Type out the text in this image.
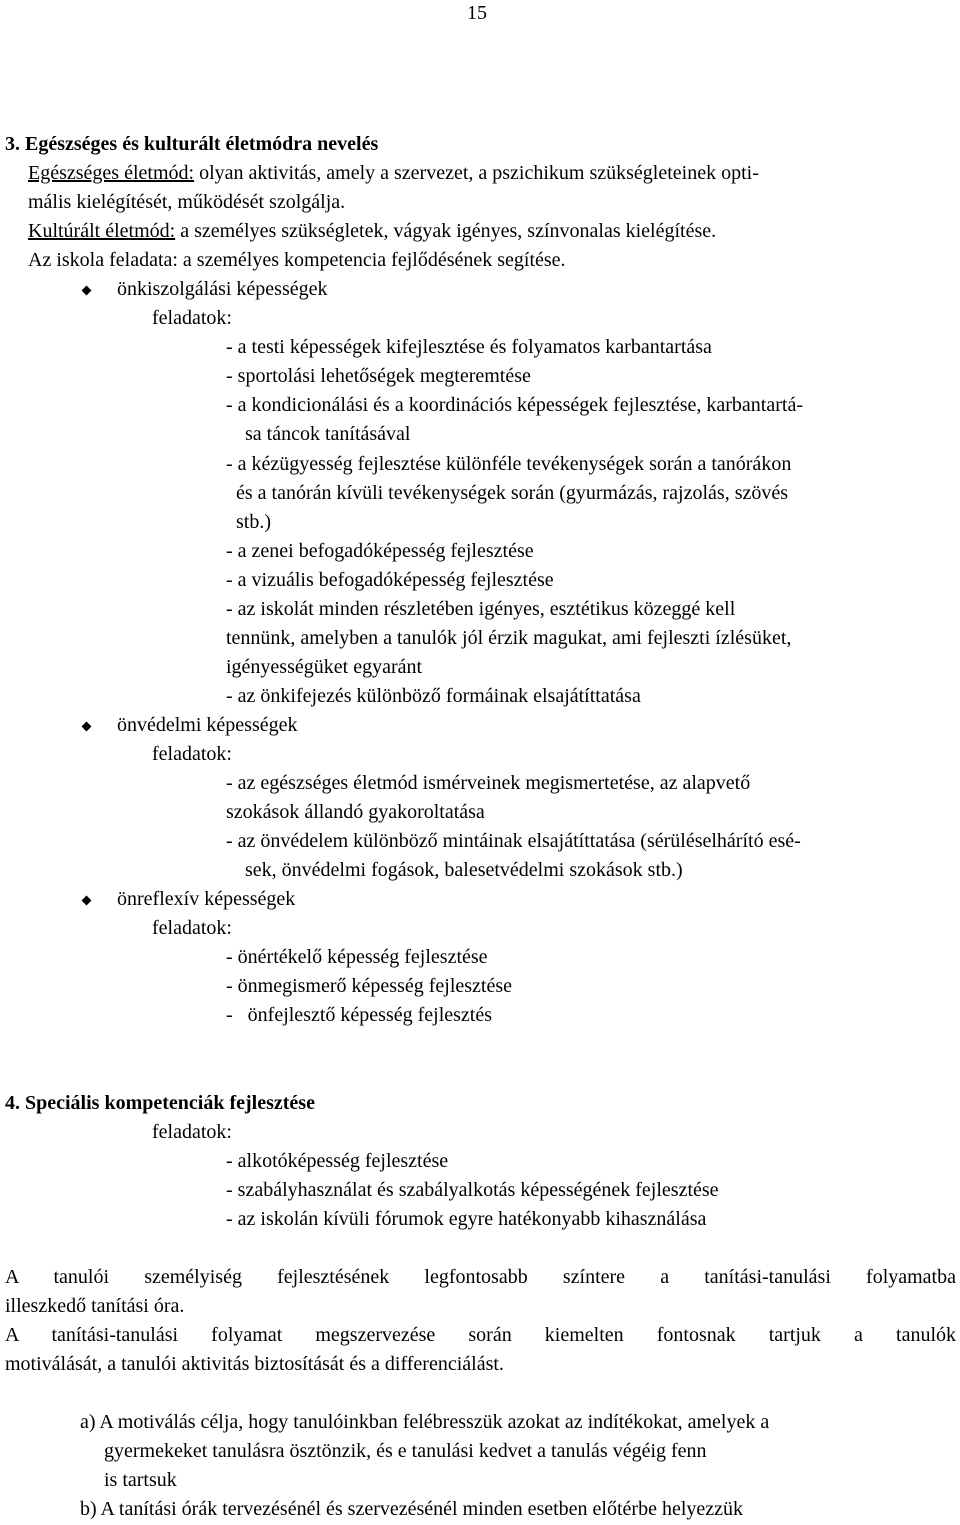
15
3. Egészséges és kulturált életmódra nevelés
Egészséges életmód: olyan aktivitás, amely a szervezet, a pszichikum szükségleteinek opti-
mális kielégítését, működését szolgálja.
Kultúrált életmód: a személyes szükségletek, vágyak igényes, színvonalas kielégítése.
Az iskola feladata: a személyes kompetencia fejlődésének segítése.
önkiszolgálási képességek
feladatok:
- a testi képességek kifejlesztése és folyamatos karbantartása
- sportolási lehetőségek megteremtése
- a kondicionálási és a koordinációs képességek fejlesztése, karbantartá-
sa táncok tanításával
- a kézügyesség fejlesztése különféle tevékenységek során a tanórákon
és a tanórán kívüli tevékenységek során (gyurmázás, rajzolás, szövés
stb.)
- a zenei befogadóképesség fejlesztése
- a vizuális befogadóképesség fejlesztése
- az iskolát minden részletében igényes, esztétikus közeggé kell
tennünk, amelyben a tanulók jól érzik magukat, ami fejleszti ízlésüket,
igényességüket egyaránt
- az önkifejezés különböző formáinak elsajátíttatása
önvédelmi képességek
feladatok:
- az egészséges életmód ismérveinek megismertetése, az alapvető
szokások állandó gyakoroltatása
- az önvédelem különböző mintáinak elsajátíttatása (sérüléselhárító esé-
sek, önvédelmi fogások, balesetvédelmi szokások stb.)
önreflexív képességek
feladatok:
- önértékelő képesség fejlesztése
- önmegismerő képesség fejlesztése
-   önfejlesztő képesség fejlesztés
4. Speciális kompetenciák fejlesztése
feladatok:
- alkotóképesség fejlesztése
- szabályhasználat és szabályalkotás képességének fejlesztése
- az iskolán kívüli fórumok egyre hatékonyabb kihasználása
A tanulói személyiség fejlesztésének legfontosabb színtere a tanítási-tanulási folyamatba
illeszkedő tanítási óra.
A tanítási-tanulási folyamat megszervezése során kiemelten fontosnak tartjuk a tanulók
motiválását, a tanulói aktivitás biztosítását és a differenciálást.
a) A motiválás célja, hogy tanulóinkban felébresszük azokat az indítékokat, amelyek a
gyermekeket tanulásra ösztönzik, és e tanulási kedvet a tanulás végéig fenn
is tartsuk
b) A tanítási órák tervezésénél és szervezésénél minden esetben előtérbe helyezzük
